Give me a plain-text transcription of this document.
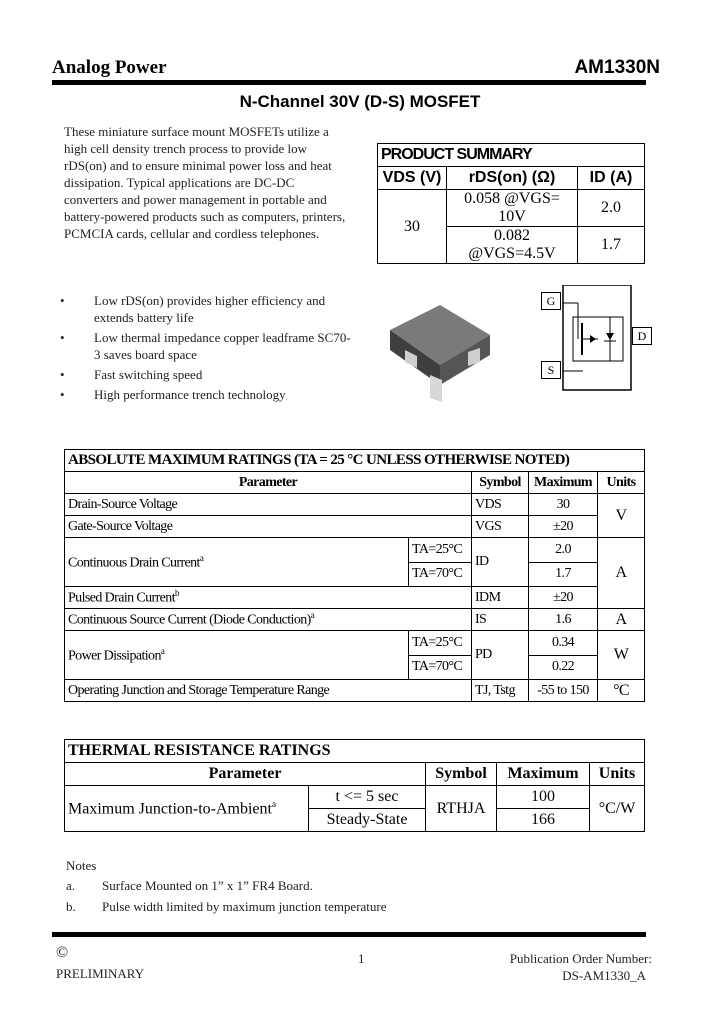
Analog Power	AM1330N
N-Channel 30V (D-S) MOSFET
These miniature surface mount MOSFETs utilize a high cell density trench process to provide low rDS(on) and to ensure minimal power loss and heat dissipation. Typical applications are DC-DC converters and power management in portable and battery-powered products such as computers, printers, PCMCIA cards, cellular and cordless telephones.
PRODUCT SUMMARY		
VDS (V)	rDS(on) (Ω)	ID (A)
30	0.058 @VGS= 10V	2.0
	0.082 @VGS=4.5V	1.7
• Low rDS(on) provides higher efficiency and extends battery life
• Low thermal impedance copper leadframe SC70-3 saves board space
• Fast switching speed
• High performance trench technology
G
S
D
ABSOLUTE MAXIMUM RATINGS (TA = 25 °C UNLESS OTHERWISE NOTED)				
Parameter		Symbol	Maximum	Units
Drain-Source Voltage		VDS	30	V
Gate-Source Voltage		VGS	±20	
Continuous Drain Current$^a$	TA=25°C	ID	2.0	A
	TA=70°C		1.7	
Pulsed Drain Current$^b$		IDM	±20	
Continuous Source Current (Diode Conduction)$^a$		IS	1.6	A
Power Dissipation$^a$	TA=25°C	PD	0.34	W
	TA=70°C		0.22	
Operating Junction and Storage Temperature Range		TJ, Tstg	-55 to 150	°C
THERMAL RESISTANCE RATINGS				
Parameter		Symbol	Maximum	Units
Maximum Junction-to-Ambient$^a$	t <= 5 sec	RTHJA	100	°C/W
	Steady-State		166	
Notes
a. Surface Mounted on 1” x 1” FR4 Board.
b. Pulse width limited by maximum junction temperature
©
PRELIMINARY
1	Publication Order Number:
DS-AM1330_A
